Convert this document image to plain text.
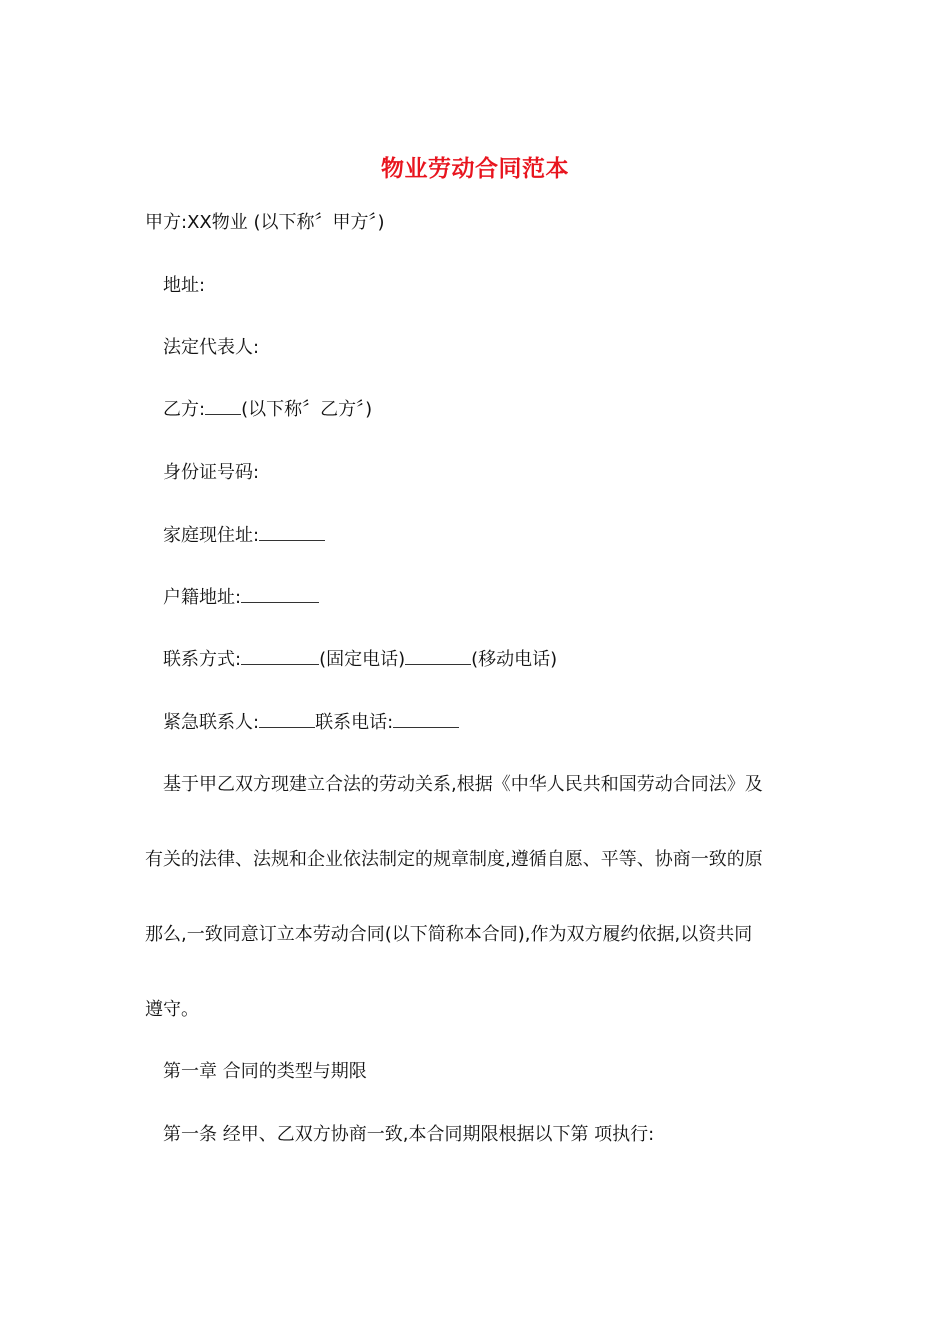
物业劳动合同范本
甲方:XX物业 (以下称〞甲方〞)
地址:
法定代表人:
乙方: (以下称〞乙方〞)
身份证号码:
家庭现住址:
户籍地址:
联系方式:	(固定电话)	(移动电话)
紧急联系人:	联系电话:
基于甲乙双方现建立合法的劳动关系,根据《中华人民共和国劳动合同法》及
有关的法律、法规和企业依法制定的规章制度,遵循自愿、平等、协商一致的原
那么,一致同意订立本劳动合同(以下简称本合同),作为双方履约依据,以资共同
遵守。
第一章 合同的类型与期限
第一条 经甲、乙双方协商一致,本合同期限根据以下第 项执行:
